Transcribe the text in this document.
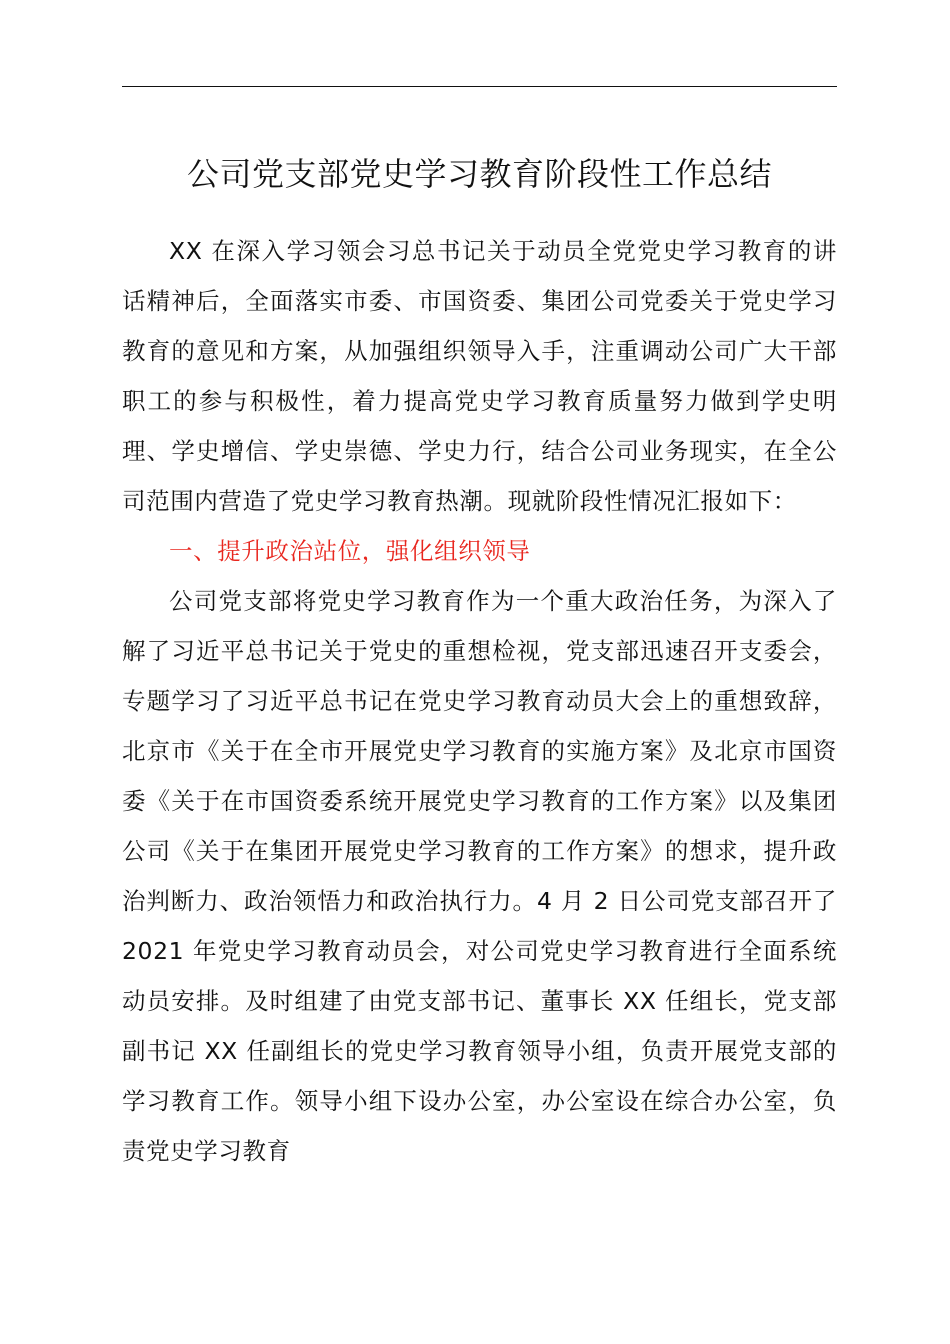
公司党支部党史学习教育阶段性工作总结

XX 在深入学习领会习总书记关于动员全党党史学习教育的讲话精神后，全面落实市委、市国资委、集团公司党委关于党史学习教育的意见和方案，从加强组织领导入手，注重调动公司广大干部职工的参与积极性，着力提高党史学习教育质量努力做到学史明理、学史增信、学史崇德、学史力行，结合公司业务现实，在全公司范围内营造了党史学习教育热潮。现就阶段性情况汇报如下：

一、提升政治站位，强化组织领导

公司党支部将党史学习教育作为一个重大政治任务，为深入了解了习近平总书记关于党史的重想检视，党支部迅速召开支委会，专题学习了习近平总书记在党史学习教育动员大会上的重想致辞，北京市《关于在全市开展党史学习教育的实施方案》及北京市国资委《关于在市国资委系统开展党史学习教育的工作方案》以及集团公司《关于在集团开展党史学习教育的工作方案》的想求，提升政治判断力、政治领悟力和政治执行力。4 月 2 日公司党支部召开了 2021 年党史学习教育动员会，对公司党史学习教育进行全面系统动员安排。及时组建了由党支部书记、董事长 XX 任组长，党支部副书记 XX 任副组长的党史学习教育领导小组，负责开展党支部的学习教育工作。领导小组下设办公室，办公室设在综合办公室，负责党史学习教育
